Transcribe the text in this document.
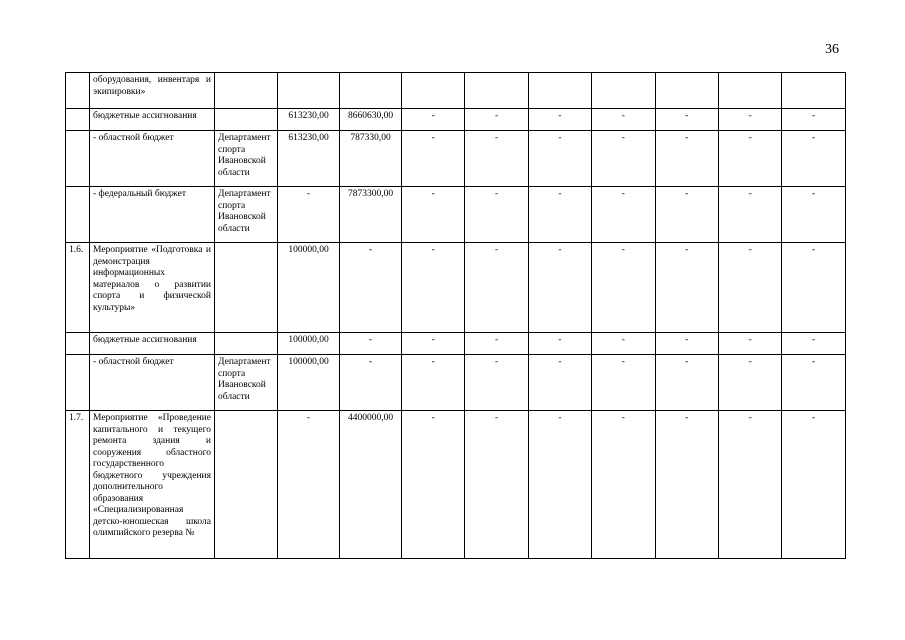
36
	оборудования, инвентаря и экипировки»										
	бюджетные ассигнования		613230,00	8660630,00	-	-	-	-	-	-	-
	- областной бюджет	Департамент спорта Ивановской области	613230,00	787330,00	-	-	-	-	-	-	-
	- федеральный бюджет	Департамент спорта Ивановской области	-	7873300,00	-	-	-	-	-	-	-
1.6.	Мероприятие «Подготовка и демонстрация информационных материалов о развитии спорта и физической культуры»		100000,00	-	-	-	-	-	-	-	-
	бюджетные ассигнования		100000,00	-	-	-	-	-	-	-	-
	- областной бюджет	Департамент спорта Ивановской области	100000,00	-	-	-	-	-	-	-	-
1.7.	Мероприятие «Проведение капитального и текущего ремонта здания и сооружения областного государственного бюджетного учреждения дополнительного образования «Специализированная детско-юношеская школа олимпийского резерва №		-	4400000,00	-	-	-	-	-	-	-
